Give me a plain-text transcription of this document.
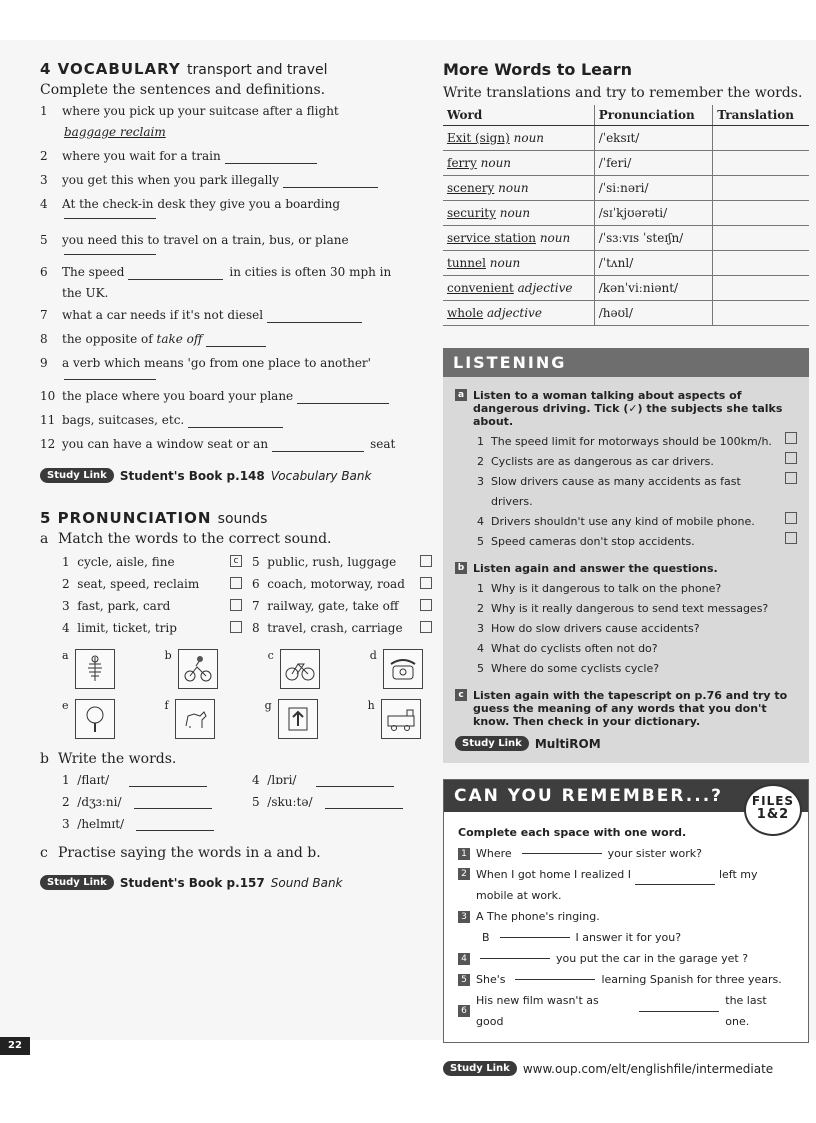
4 VOCABULARY transport and travel
Complete the sentences and definitions.
1	where you pick up your suitcase after a flight
baggage reclaim
2	where you wait for a train
3	you get this when you park illegally
4	At the check-in desk they give you a boarding
5	you need this to travel on a train, bus, or plane
6	The speed	in cities is often 30 mph in
the UK.
7	what a car needs if it's not diesel
8	the opposite of
take off
9	a verb which means 'go from one place to another'
10 the place where you board your plane
11 bags, suitcases, etc.
12 you can have a window seat or an	seat
Study Link	Student's Book p.148 Vocabulary Bank
5 PRONUNCIATION sounds
a Match the words to the correct sound.
1 cycle, aisle, fine	c 5 public, rush, luggage
2 seat, speed, reclaim	6 coach, motorway, road
3 fast, park, card	7 railway, gate, take off
4 limit, ticket, trip	8 travel, crash, carriage
a	b	c	d
e	f	g	h
b Write the words.
1 /flaɪt/	4 /lɒri/
2 /dʒɜːni/	5 /skuːtə/
3 /helmɪt/
c Practise saying the words in a and b.
Study Link	Student's Book p.157 Sound Bank
More Words to Learn
Write translations and try to remember the words.
Word	Pronunciation	Translation
Exit (sign) noun	/ˈeksɪt/	
ferry noun	/ˈferi/	
scenery noun	/ˈsiːnəri/	
security noun	/sɪˈkjʊərəti/	
service station noun	/ˈsɜːvɪs ˈsteɪʃn/	
tunnel noun	/ˈtʌnl/	
convenient adjective	/kənˈviːniənt/	
whole adjective	/həʊl/	
LISTENING
a Listen to a woman talking about aspects of dangerous driving. Tick (✓) the subjects she talks about.
1 The speed limit for motorways should be 100km/h.
2 Cyclists are as dangerous as car drivers.
3 Slow drivers cause as many accidents as fast drivers.
4 Drivers shouldn't use any kind of mobile phone.
5 Speed cameras don't stop accidents.
b Listen again and answer the questions.
1 Why is it dangerous to talk on the phone?
2 Why is it really dangerous to send text messages?
3 How do slow drivers cause accidents?
4 What do cyclists often not do?
5 Where do some cyclists cycle?
c Listen again with the tapescript on p.76 and try to guess the meaning of any words that you don't know. Then check in your dictionary.
Study Link	MultiROM
CAN YOU REMEMBER...?	FILES
1&2
Complete each space with one word.
1 Where	your sister work?
2 When I got home I realized I	left my mobile at work.
3 A The phone's ringing.
B	I answer it for you?
4	you put the car in the garage yet ?
5 She's	learning Spanish for three years.
6
His new film wasn't as good
the last one.
Study Link	www.oup.com/elt/englishfile/intermediate
22
